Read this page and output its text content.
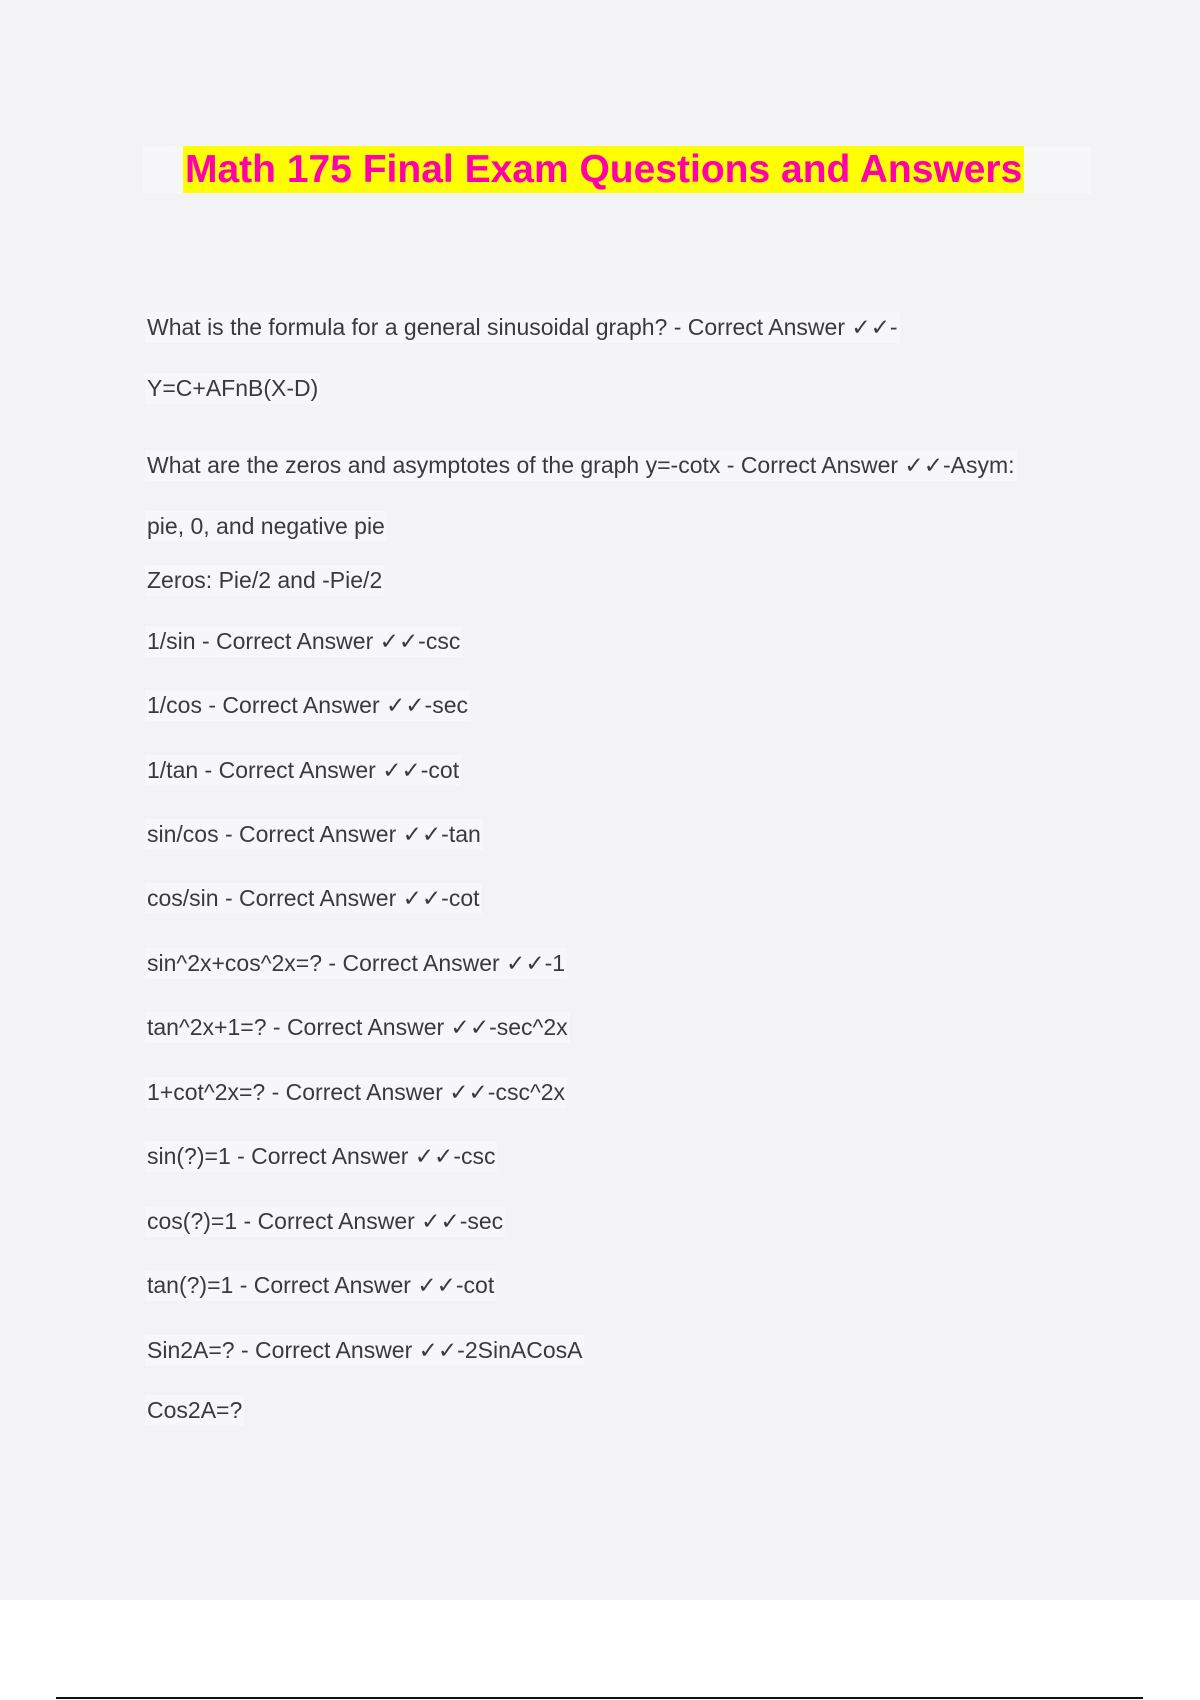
Math 175 Final Exam Questions and Answers
What is the formula for a general sinusoidal graph? - Correct Answer ✓✓-
Y=C+AFnB(X-D)
What are the zeros and asymptotes of the graph y=-cotx - Correct Answer ✓✓-Asym:
pie, 0, and negative pie
Zeros: Pie/2 and -Pie/2
1/sin - Correct Answer ✓✓-csc
1/cos - Correct Answer ✓✓-sec
1/tan - Correct Answer ✓✓-cot
sin/cos - Correct Answer ✓✓-tan
cos/sin - Correct Answer ✓✓-cot
sin^2x+cos^2x=? - Correct Answer ✓✓-1
tan^2x+1=? - Correct Answer ✓✓-sec^2x
1+cot^2x=? - Correct Answer ✓✓-csc^2x
sin(?)=1 - Correct Answer ✓✓-csc
cos(?)=1 - Correct Answer ✓✓-sec
tan(?)=1 - Correct Answer ✓✓-cot
Sin2A=? - Correct Answer ✓✓-2SinACosA
Cos2A=?
